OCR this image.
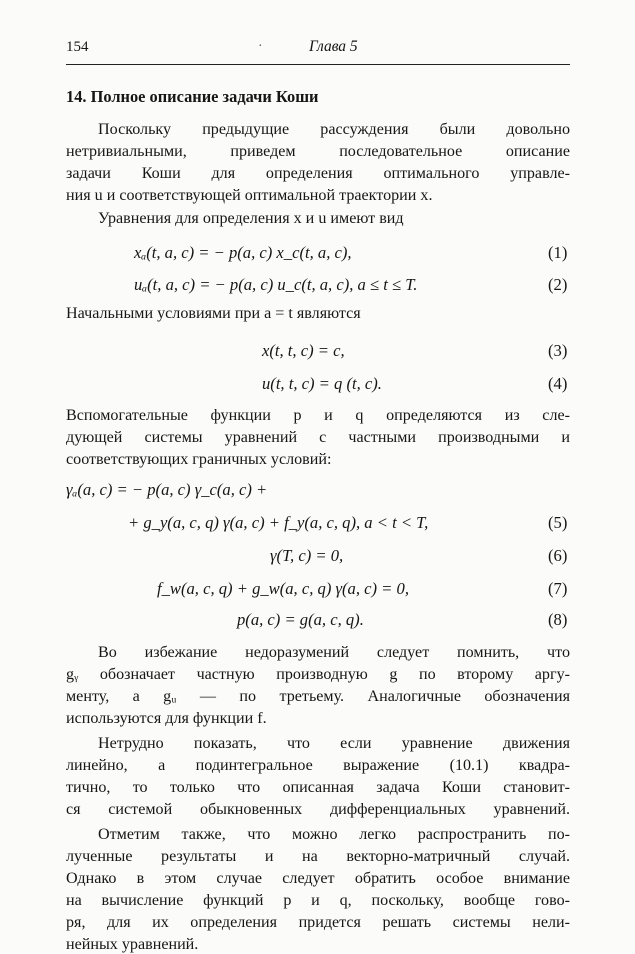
154	·	Глава 5
14. Полное описание задачи Коши
Поскольку предыдущие рассуждения были довольно
нетривиальными, приведем последовательное описание
задачи Коши для определения оптимального управле-
ния u и соответствующей оптимальной траектории x.
Уравнения для определения x и u имеют вид
xₐ(t, a, c) = − p(a, c) x_c(t, a, c),	(1)
uₐ(t, a, c) = − p(a, c) u_c(t, a, c), a ≤ t ≤ T.	(2)
Начальными условиями при a = t являются
x(t, t, c) = c,	(3)
u(t, t, c) = q (t, c).	(4)
Вспомогательные функции p и q определяются из сле-
дующей системы уравнений с частными производными и
соответствующих граничных условий:
γₐ(a, c) = − p(a, c) γ_c(a, c) +
+ g_y(a, c, q) γ(a, c) + f_y(a, c, q), a < t < T,	(5)
γ(T, c) = 0,	(6)
f_w(a, c, q) + g_w(a, c, q) γ(a, c) = 0,	(7)
p(a, c) = g(a, c, q).	(8)
Во избежание недоразумений следует помнить, что
gᵧ обозначает частную производную g по второму аргу-
менту, а gᵤ — по третьему. Аналогичные обозначения
используются для функции f.
Нетрудно показать, что если уравнение движения
линейно, а подинтегральное выражение (10.1) квадра-
тично, то только что описанная задача Коши становит-
ся системой обыкновенных дифференциальных уравнений.
Отметим также, что можно легко распространить по-
лученные результаты и на векторно-матричный случай.
Однако в этом случае следует обратить особое внимание
на вычисление функций p и q, поскольку, вообще гово-
ря, для их определения придется решать системы нели-
нейных уравнений.
